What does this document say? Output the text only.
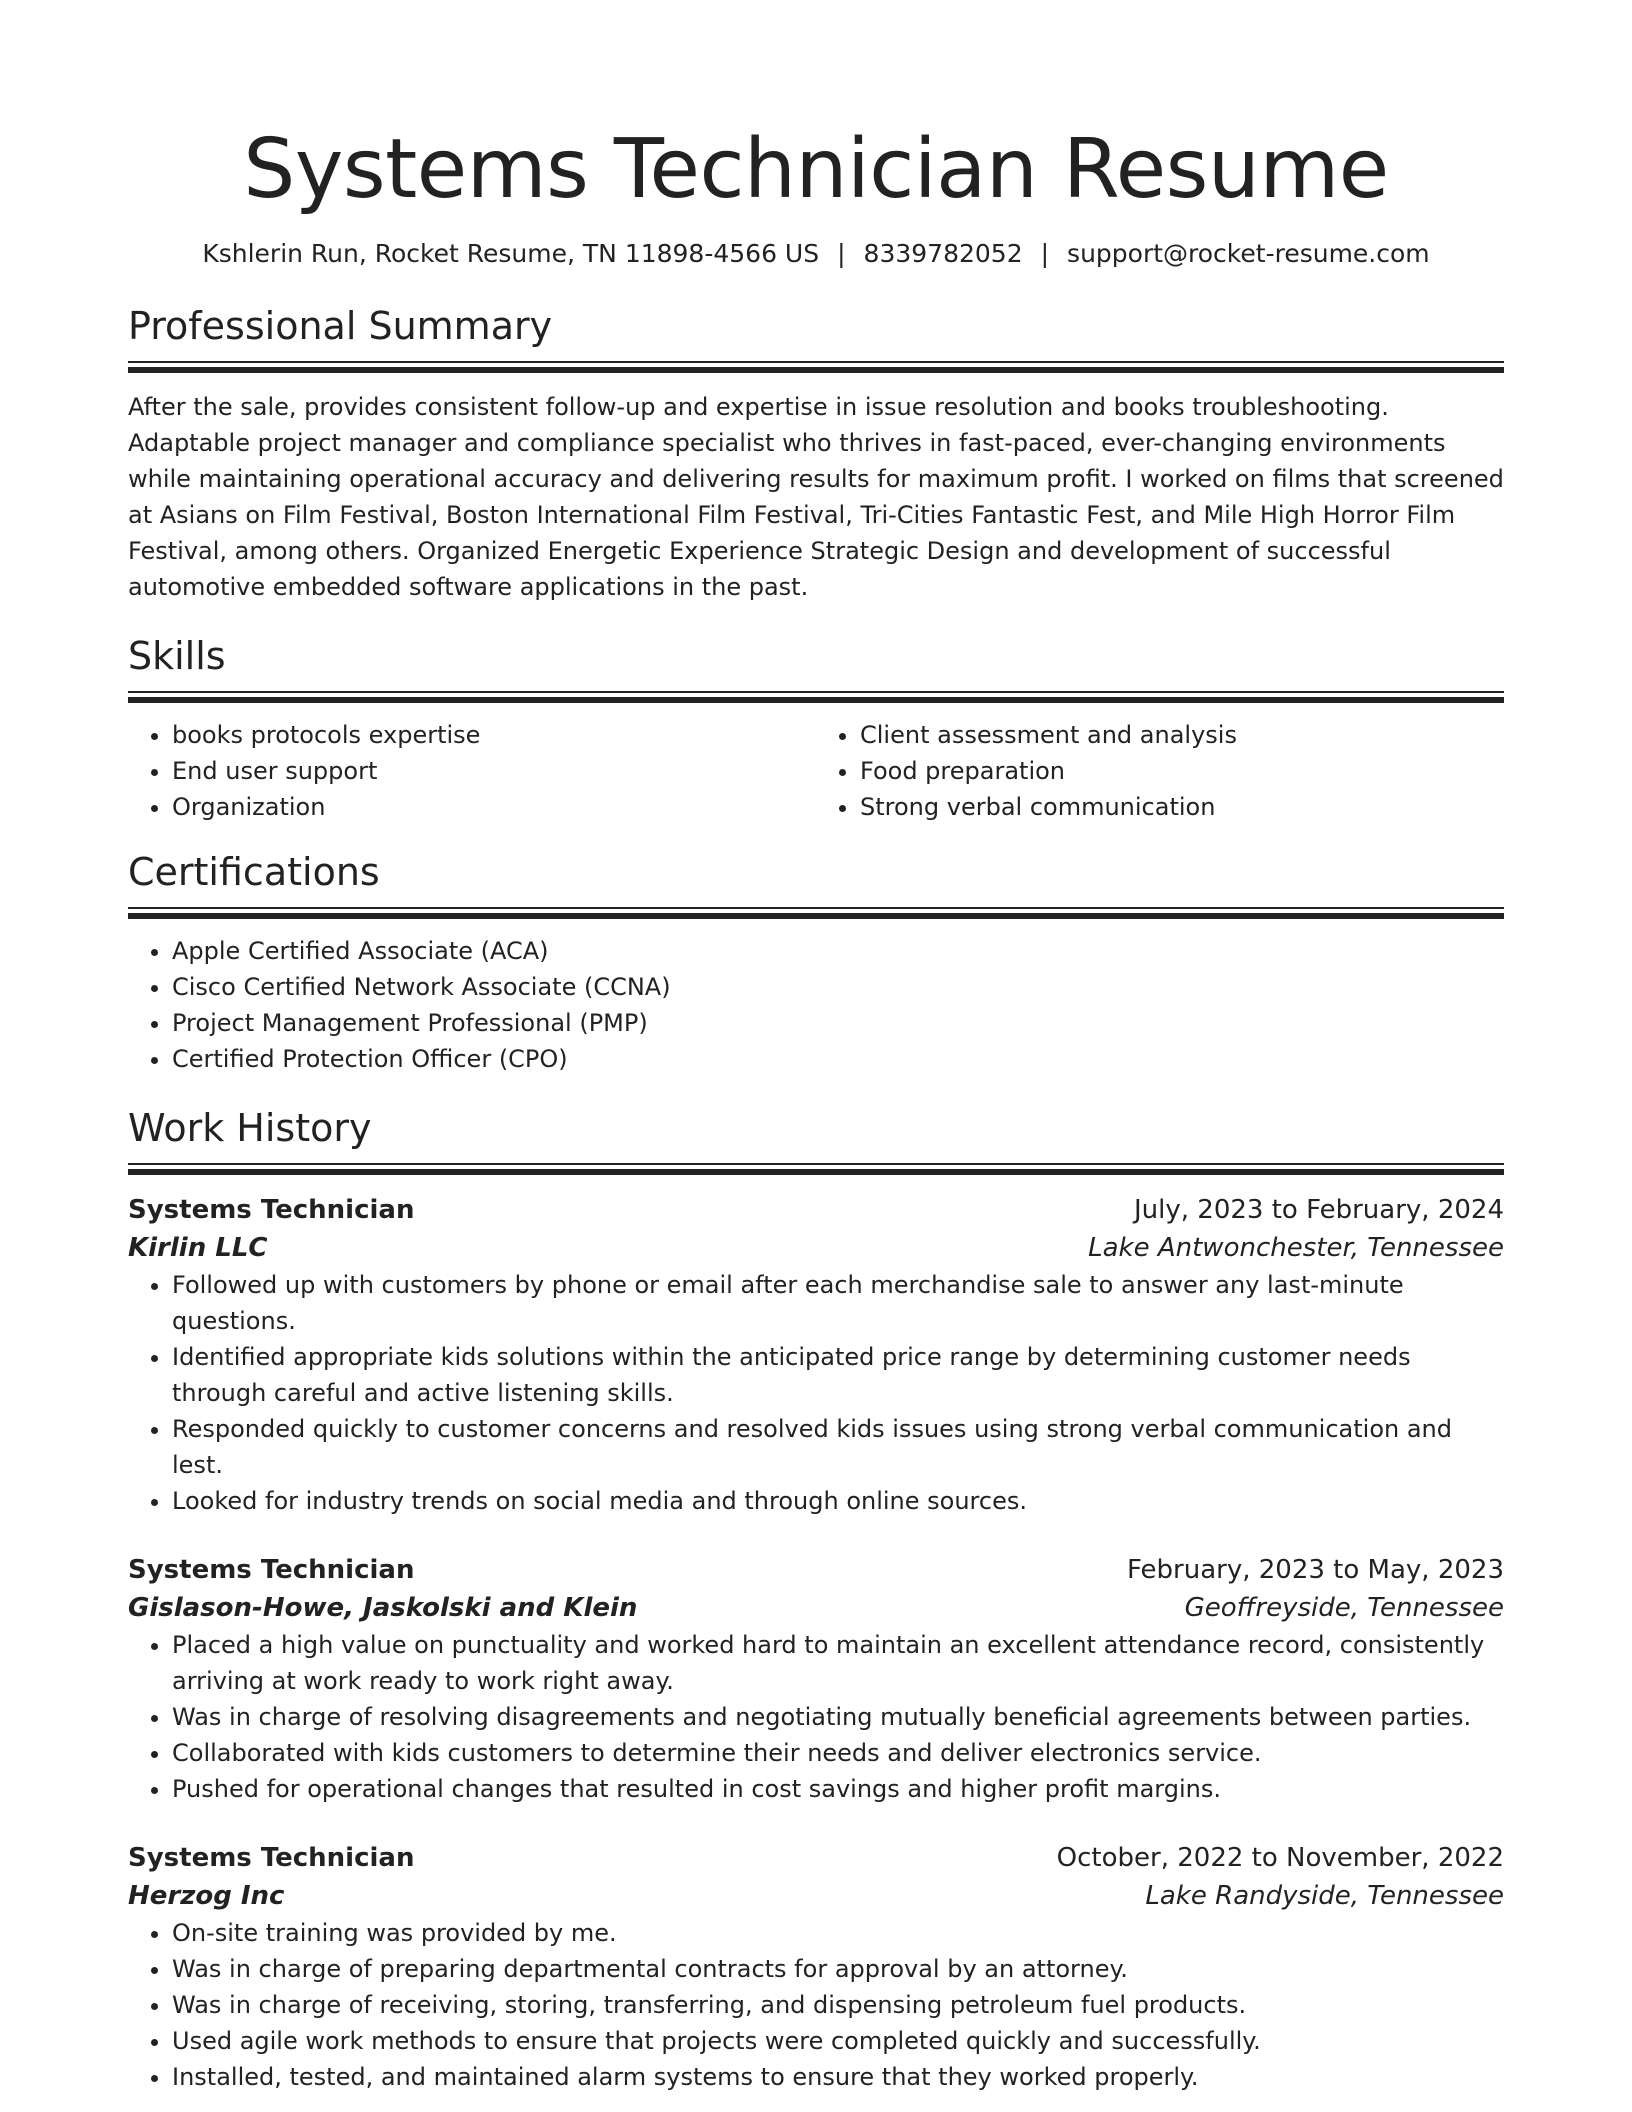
Systems Technician Resume
Kshlerin Run, Rocket Resume, TN 11898-4566 US | 8339782052 | support@rocket-resume.com
Professional Summary

After the sale, provides consistent follow-up and expertise in issue resolution and books troubleshooting. Adaptable project manager and compliance specialist who thrives in fast-paced, ever-changing environments while maintaining operational accuracy and delivering results for maximum profit. I worked on films that screened at Asians on Film Festival, Boston International Film Festival, Tri-Cities Fantastic Fest, and Mile High Horror Film Festival, among others. Organized Energetic Experience Strategic Design and development of successful automotive embedded software applications in the past.

Skills
• books protocols expertise
• End user support
• Organization
• Client assessment and analysis
• Food preparation
• Strong verbal communication
Certifications
• Apple Certified Associate (ACA)
• Cisco Certified Network Associate (CCNA)
• Project Management Professional (PMP)
• Certified Protection Officer (CPO)
Work History
Systems Technician	July, 2023 to February, 2024
Kirlin LLC	Lake Antwonchester, Tennessee
• Followed up with customers by phone or email after each merchandise sale to answer any last-minute questions.
• Identified appropriate kids solutions within the anticipated price range by determining customer needs through careful and active listening skills.
• Responded quickly to customer concerns and resolved kids issues using strong verbal communication and lest.
• Looked for industry trends on social media and through online sources.
Systems Technician	February, 2023 to May, 2023
Gislason-Howe, Jaskolski and Klein	Geoffreyside, Tennessee
• Placed a high value on punctuality and worked hard to maintain an excellent attendance record, consistently arriving at work ready to work right away.
• Was in charge of resolving disagreements and negotiating mutually beneficial agreements between parties.
• Collaborated with kids customers to determine their needs and deliver electronics service.
• Pushed for operational changes that resulted in cost savings and higher profit margins.
Systems Technician	October, 2022 to November, 2022
Herzog Inc	Lake Randyside, Tennessee
• On-site training was provided by me.
• Was in charge of preparing departmental contracts for approval by an attorney.
• Was in charge of receiving, storing, transferring, and dispensing petroleum fuel products.
• Used agile work methods to ensure that projects were completed quickly and successfully.
• Installed, tested, and maintained alarm systems to ensure that they worked properly.
